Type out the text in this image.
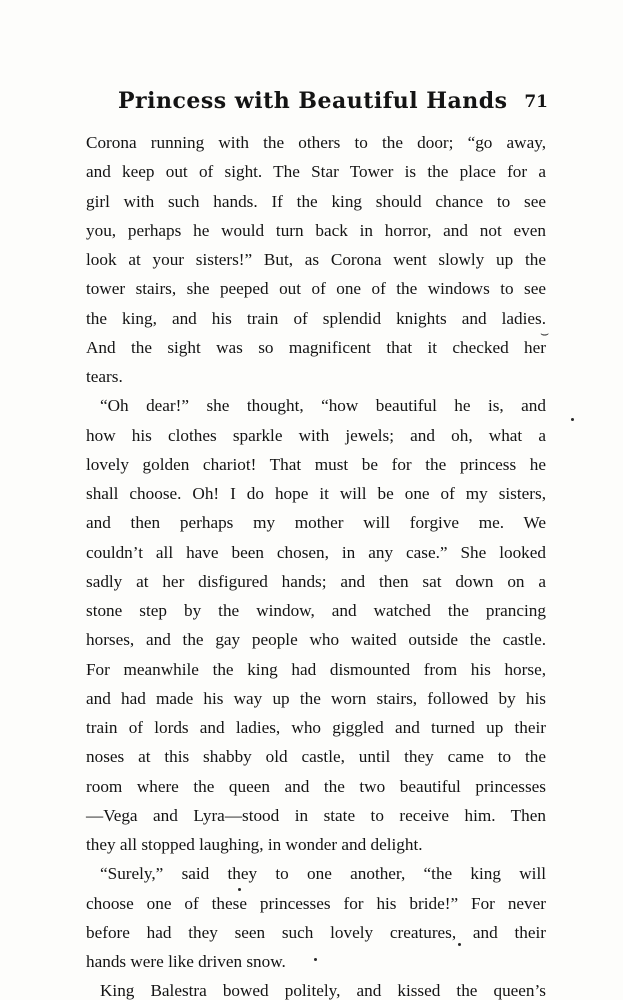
Princess with Beautiful Hands 71
Corona running with the others to the door; “go away,
and keep out of sight. The Star Tower is the place for a
girl with such hands. If the king should chance to see
you, perhaps he would turn back in horror, and not even
look at your sisters!” But, as Corona went slowly up the
tower stairs, she peeped out of one of the windows to see
the king, and his train of splendid knights and ladies.
And the sight was so magnificent that it checked her
tears.
“Oh dear!” she thought, “how beautiful he is, and
how his clothes sparkle with jewels; and oh, what a
lovely golden chariot! That must be for the princess he
shall choose. Oh! I do hope it will be one of my sisters,
and then perhaps my mother will forgive me. We
couldn’t all have been chosen, in any case.” She looked
sadly at her disfigured hands; and then sat down on a
stone step by the window, and watched the prancing
horses, and the gay people who waited outside the castle.
For meanwhile the king had dismounted from his horse,
and had made his way up the worn stairs, followed by his
train of lords and ladies, who giggled and turned up their
noses at this shabby old castle, until they came to the
room where the queen and the two beautiful princesses
—Vega and Lyra—stood in state to receive him. Then
they all stopped laughing, in wonder and delight.
“Surely,” said they to one another, “the king will
choose one of these princesses for his bride!” For never
before had they seen such lovely creatures, and their
hands were like driven snow.
King Balestra bowed politely, and kissed the queen’s
⌣
